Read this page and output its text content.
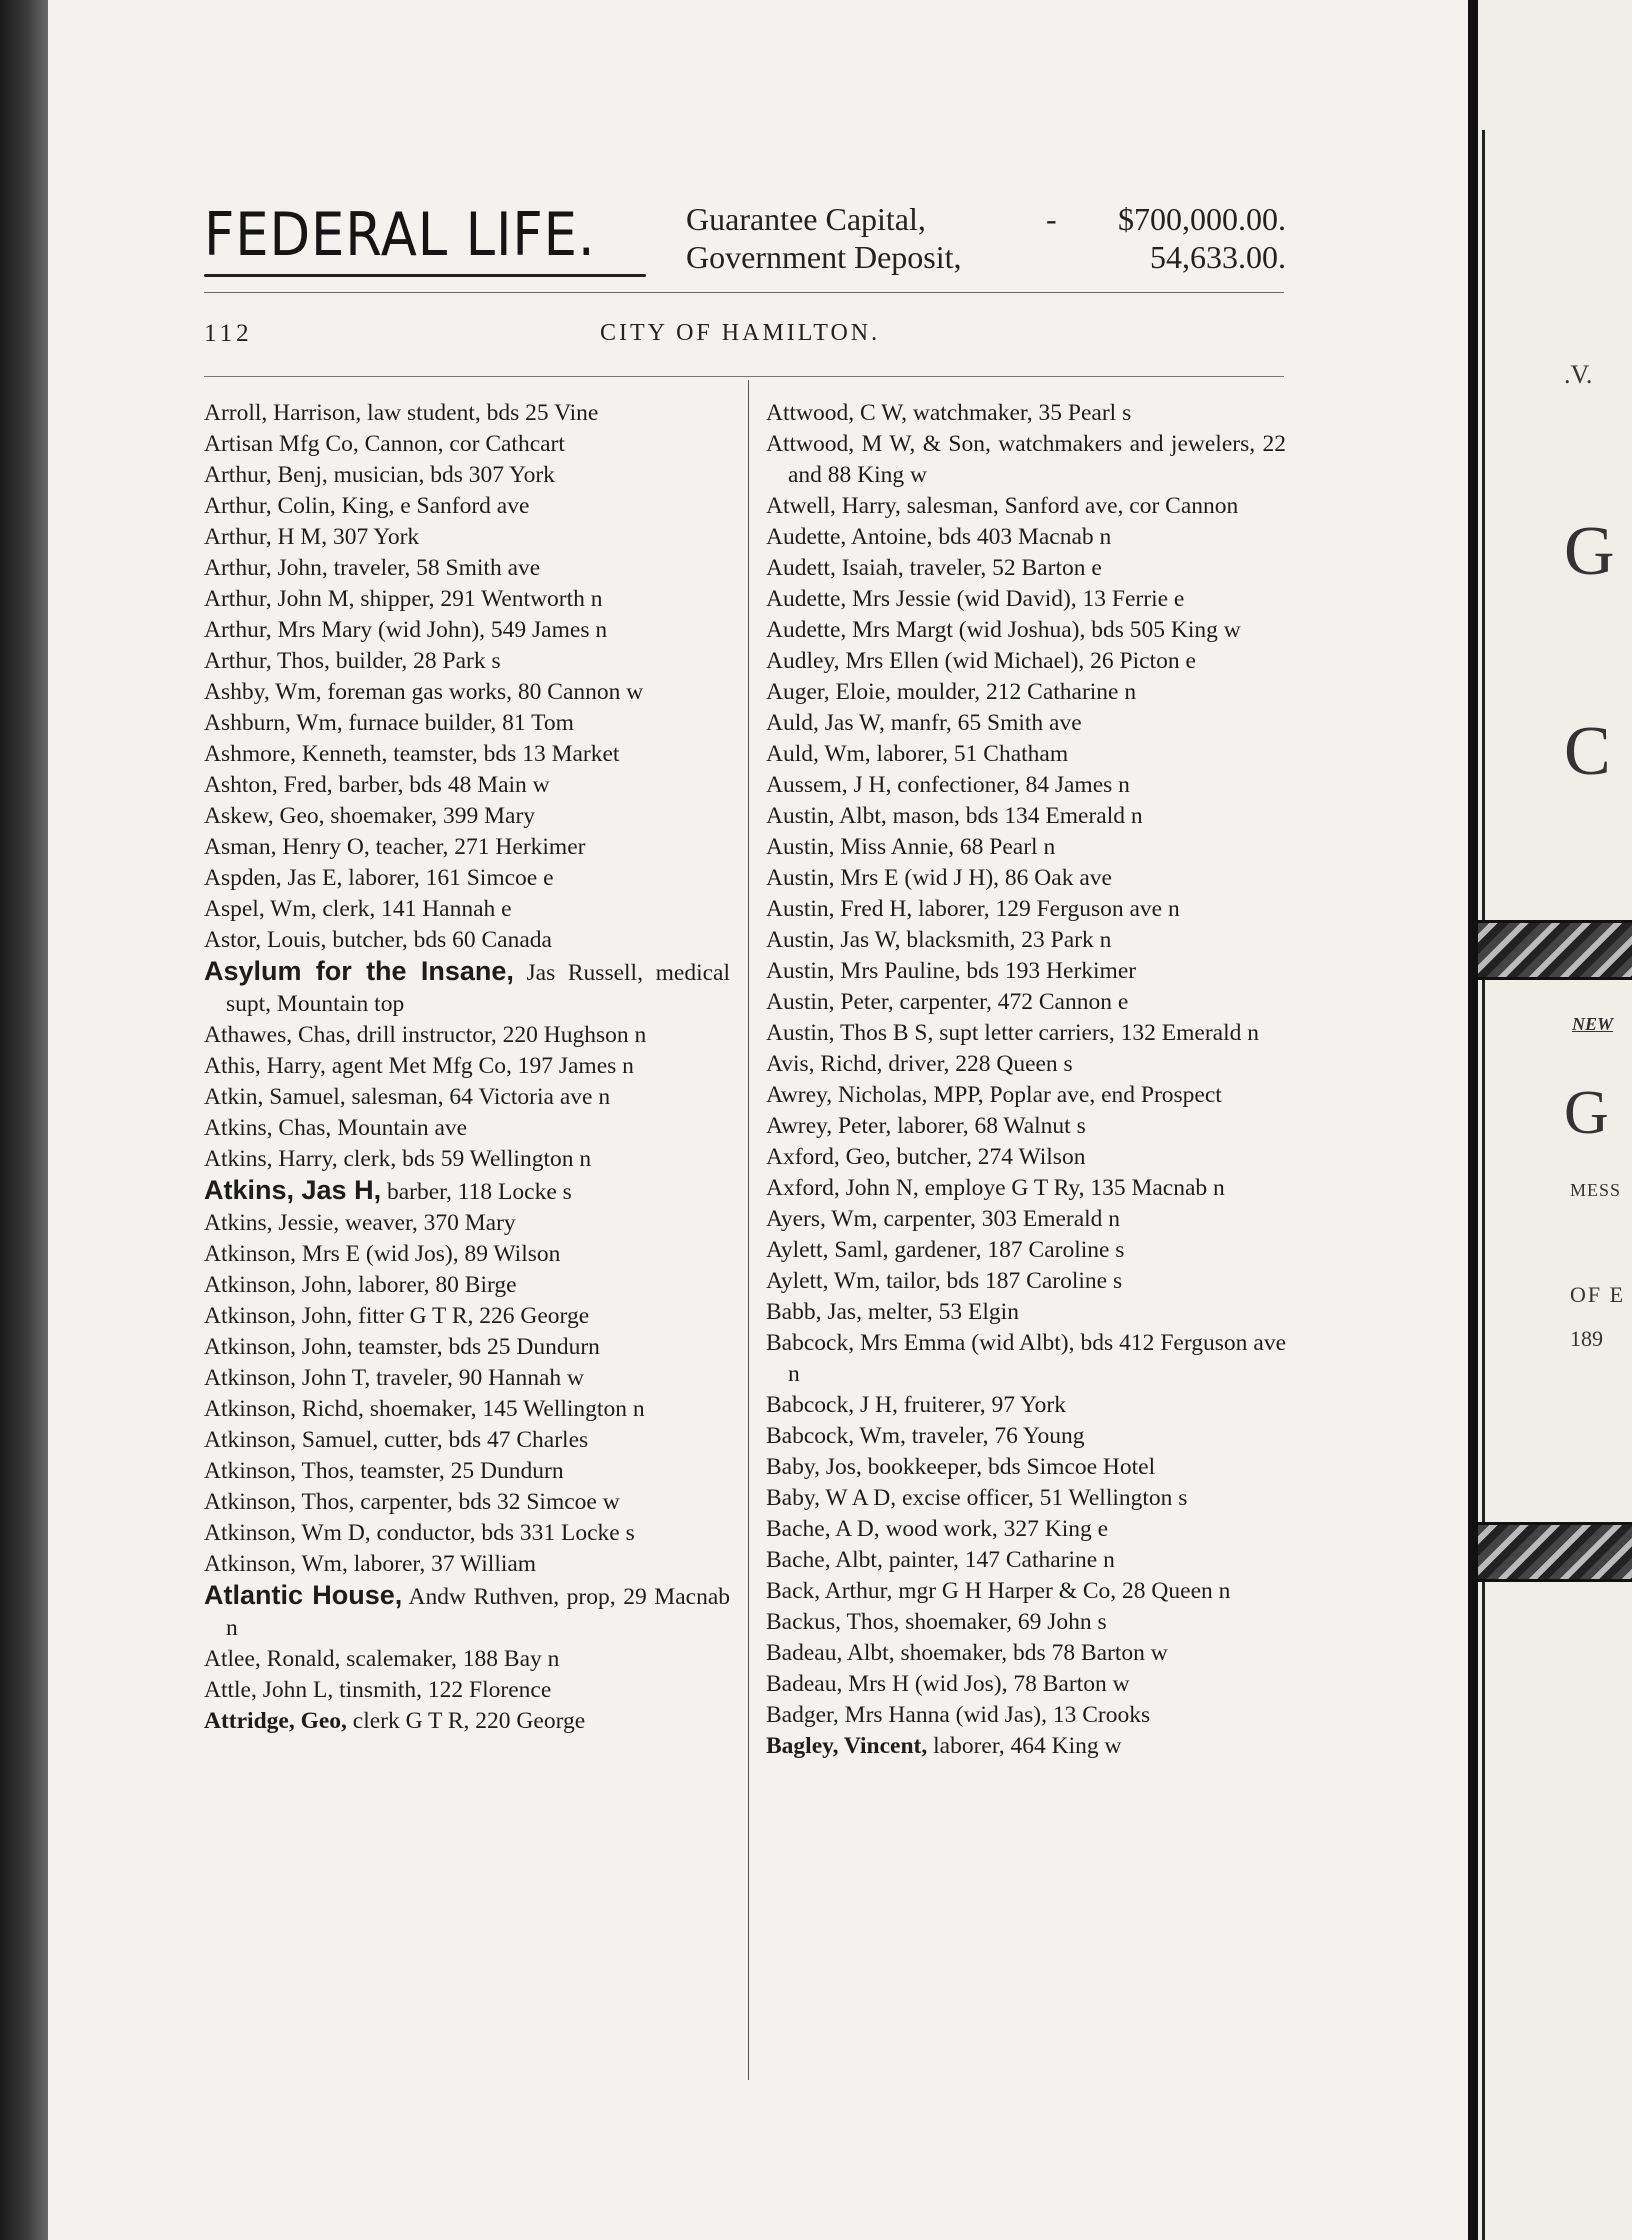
FEDERAL LIFE.	Guarantee Capital,	- $700,000.00.
Government Deposit,	54,633.00.
112	CITY OF HAMILTON.
Arroll, Harrison, law student, bds 25 Vine
Artisan Mfg Co, Cannon, cor Cathcart
Arthur, Benj, musician, bds 307 York
Arthur, Colin, King, e Sanford ave
Arthur, H M, 307 York
Arthur, John, traveler, 58 Smith ave
Arthur, John M, shipper, 291 Wentworth n
Arthur, Mrs Mary (wid John), 549 James n
Arthur, Thos, builder, 28 Park s
Ashby, Wm, foreman gas works, 80 Cannon w
Ashburn, Wm, furnace builder, 81 Tom
Ashmore, Kenneth, teamster, bds 13 Market
Ashton, Fred, barber, bds 48 Main w
Askew, Geo, shoemaker, 399 Mary
Asman, Henry O, teacher, 271 Herkimer
Aspden, Jas E, laborer, 161 Simcoe e
Aspel, Wm, clerk, 141 Hannah e
Astor, Louis, butcher, bds 60 Canada
Asylum for the Insane, Jas Russell, medical supt, Mountain top
Athawes, Chas, drill instructor, 220 Hughson n
Athis, Harry, agent Met Mfg Co, 197 James n
Atkin, Samuel, salesman, 64 Victoria ave n
Atkins, Chas, Mountain ave
Atkins, Harry, clerk, bds 59 Wellington n
Atkins, Jas H, barber, 118 Locke s
Atkins, Jessie, weaver, 370 Mary
Atkinson, Mrs E (wid Jos), 89 Wilson
Atkinson, John, laborer, 80 Birge
Atkinson, John, fitter G T R, 226 George
Atkinson, John, teamster, bds 25 Dundurn
Atkinson, John T, traveler, 90 Hannah w
Atkinson, Richd, shoemaker, 145 Wellington n
Atkinson, Samuel, cutter, bds 47 Charles
Atkinson, Thos, teamster, 25 Dundurn
Atkinson, Thos, carpenter, bds 32 Simcoe w
Atkinson, Wm D, conductor, bds 331 Locke s
Atkinson, Wm, laborer, 37 William
Atlantic House, Andw Ruthven, prop, 29 Macnab n
Atlee, Ronald, scalemaker, 188 Bay n
Attle, John L, tinsmith, 122 Florence
Attridge, Geo, clerk G T R, 220 George
Attwood, C W, watchmaker, 35 Pearl s
Attwood, M W, & Son, watchmakers and jewelers, 22 and 88 King w
Atwell, Harry, salesman, Sanford ave, cor Cannon
Audette, Antoine, bds 403 Macnab n
Audett, Isaiah, traveler, 52 Barton e
Audette, Mrs Jessie (wid David), 13 Ferrie e
Audette, Mrs Margt (wid Joshua), bds 505 King w
Audley, Mrs Ellen (wid Michael), 26 Picton e
Auger, Eloie, moulder, 212 Catharine n
Auld, Jas W, manfr, 65 Smith ave
Auld, Wm, laborer, 51 Chatham
Aussem, J H, confectioner, 84 James n
Austin, Albt, mason, bds 134 Emerald n
Austin, Miss Annie, 68 Pearl n
Austin, Mrs E (wid J H), 86 Oak ave
Austin, Fred H, laborer, 129 Ferguson ave n
Austin, Jas W, blacksmith, 23 Park n
Austin, Mrs Pauline, bds 193 Herkimer
Austin, Peter, carpenter, 472 Cannon e
Austin, Thos B S, supt letter carriers, 132 Emerald n
Avis, Richd, driver, 228 Queen s
Awrey, Nicholas, MPP, Poplar ave, end Prospect
Awrey, Peter, laborer, 68 Walnut s
Axford, Geo, butcher, 274 Wilson
Axford, John N, employe G T Ry, 135 Macnab n
Ayers, Wm, carpenter, 303 Emerald n
Aylett, Saml, gardener, 187 Caroline s
Aylett, Wm, tailor, bds 187 Caroline s
Babb, Jas, melter, 53 Elgin
Babcock, Mrs Emma (wid Albt), bds 412 Ferguson ave n
Babcock, J H, fruiterer, 97 York
Babcock, Wm, traveler, 76 Young
Baby, Jos, bookkeeper, bds Simcoe Hotel
Baby, W A D, excise officer, 51 Wellington s
Bache, A D, wood work, 327 King e
Bache, Albt, painter, 147 Catharine n
Back, Arthur, mgr G H Harper & Co, 28 Queen n
Backus, Thos, shoemaker, 69 John s
Badeau, Albt, shoemaker, bds 78 Barton w
Badeau, Mrs H (wid Jos), 78 Barton w
Badger, Mrs Hanna (wid Jas), 13 Crooks
Bagley, Vincent, laborer, 464 King w
.V.
G
C
NEW
G
MESS
OF E
189
